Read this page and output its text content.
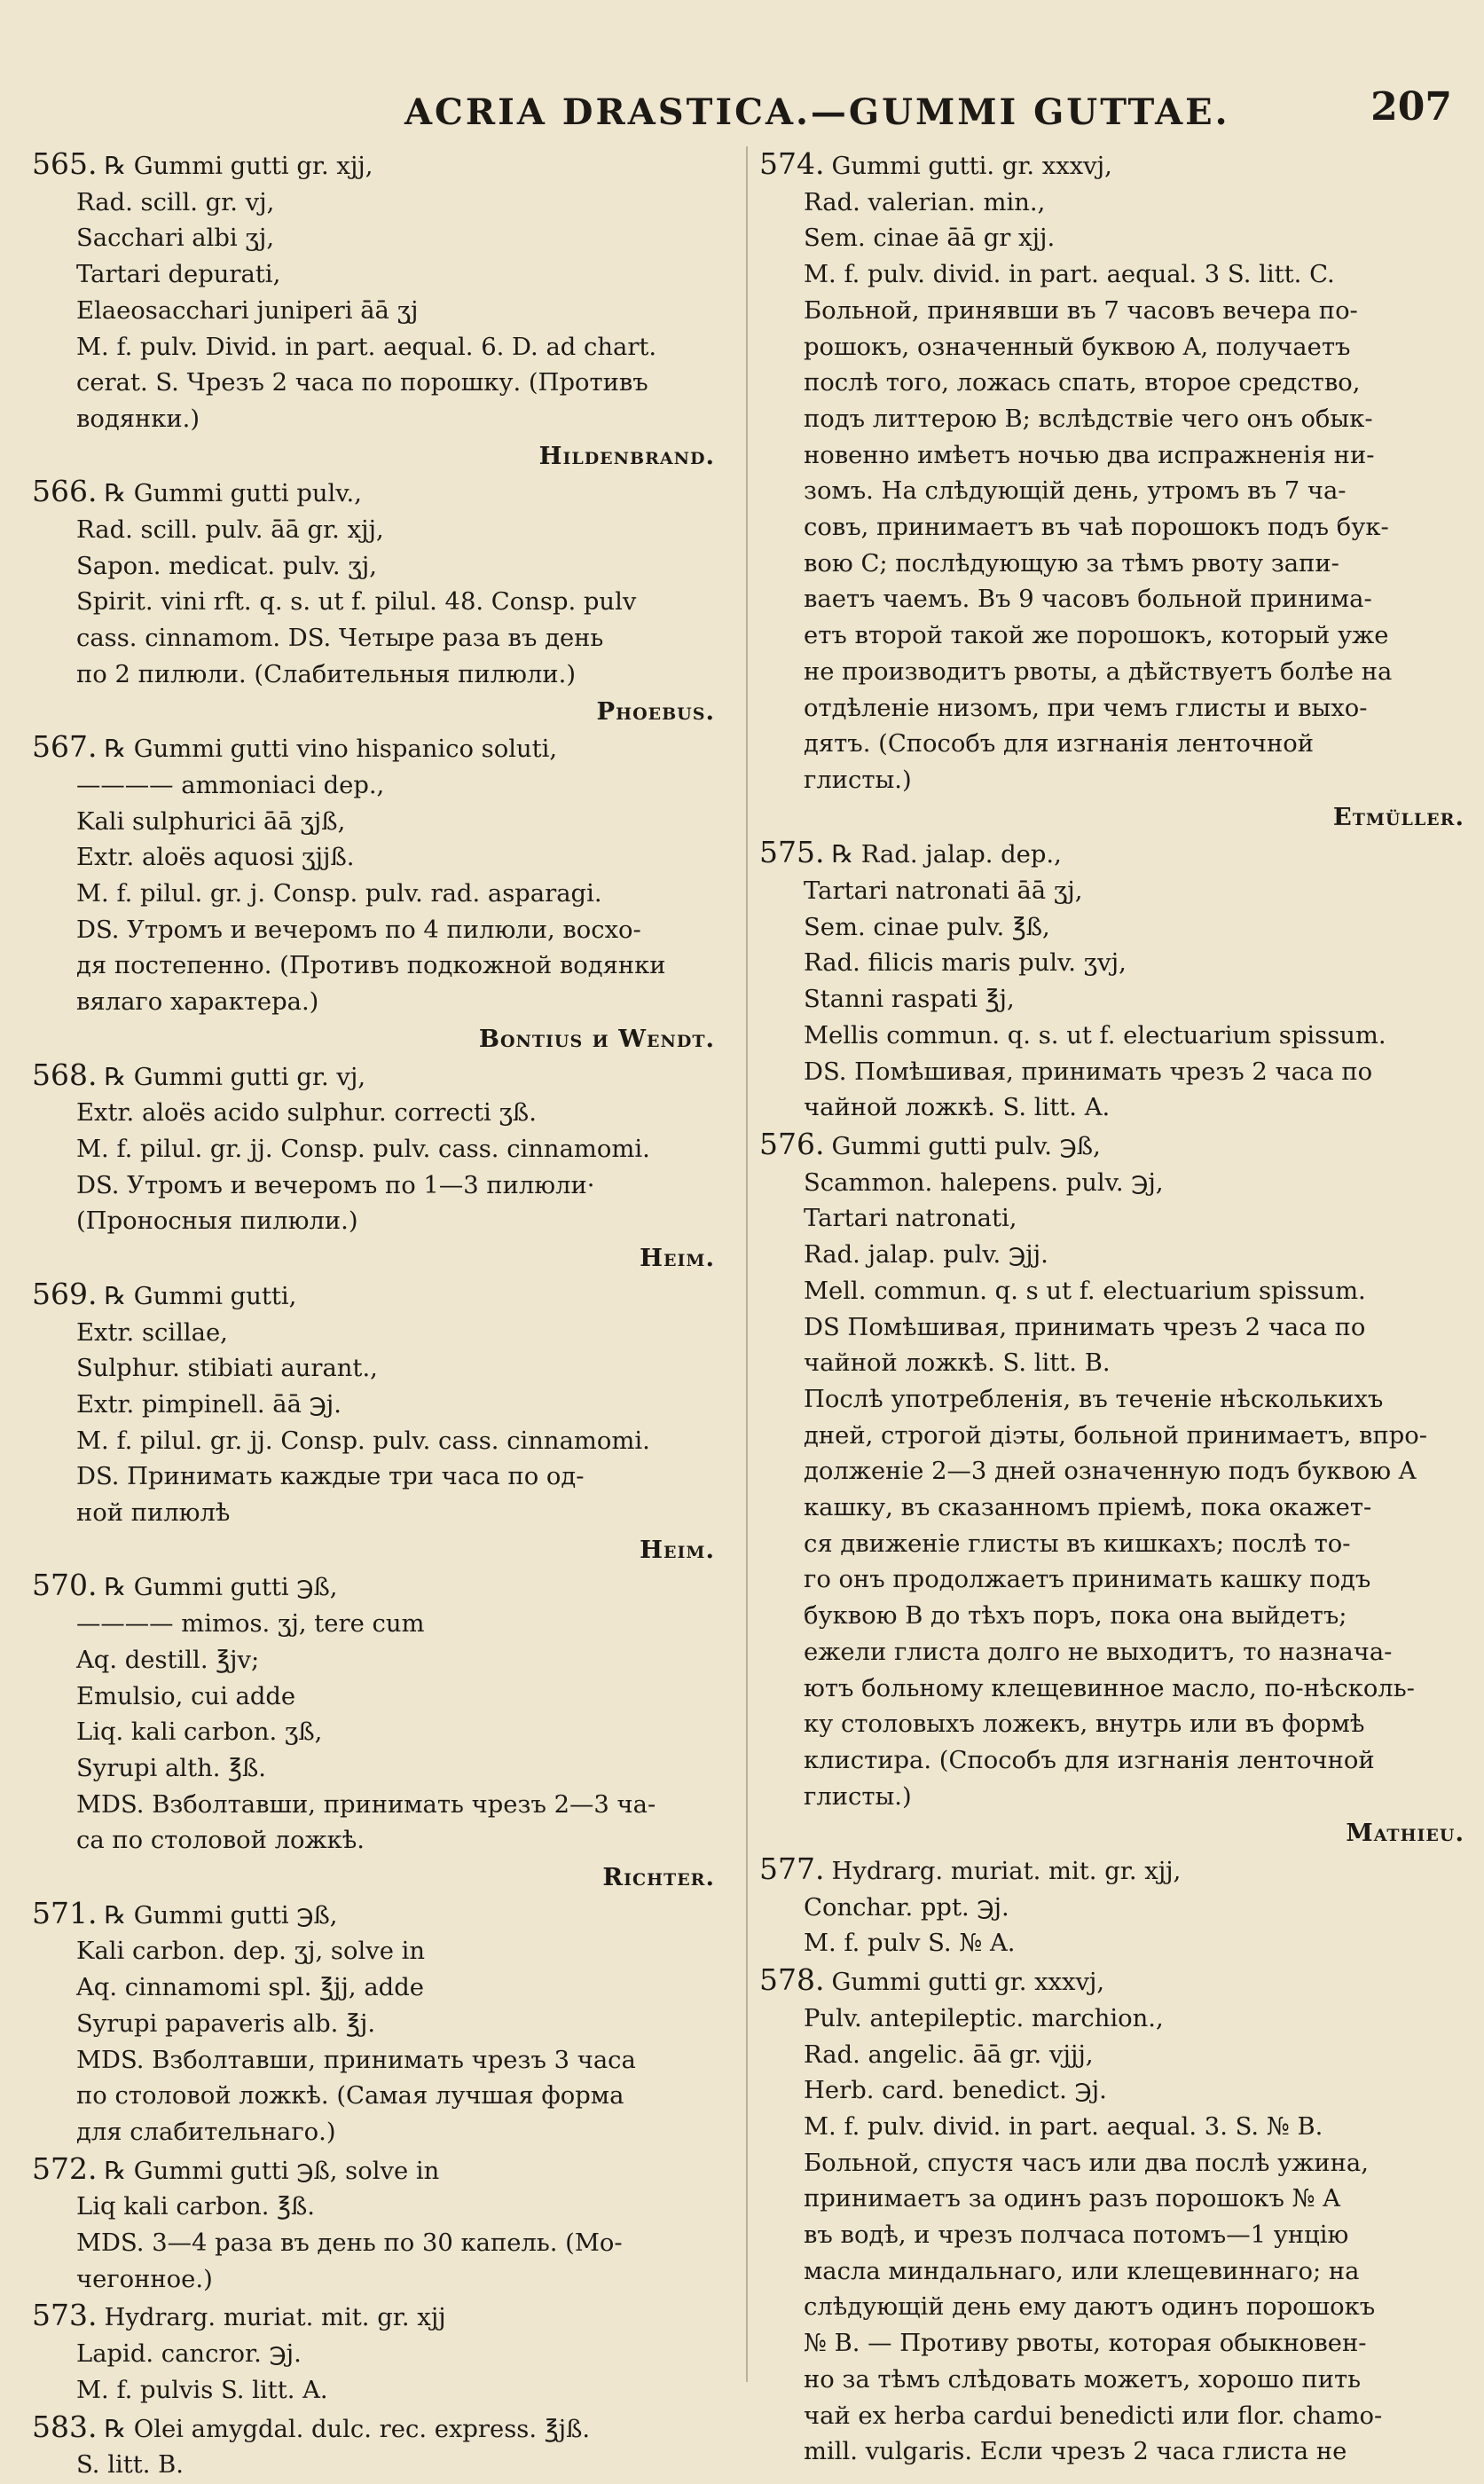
ACRIA DRASTICA.—GUMMI GUTTAE.	207
565. ℞ Gummi gutti gr. xjj,
Rad. scill. gr. vj,
Sacchari albi ʒj,
Tartari depurati,
Elaeosacchari juniperi āā ʒj
M. f. pulv. Divid. in part. aequal. 6. D. ad chart.
cerat. S. Чрезъ 2 часа по порошку. (Противъ
водянки.)
Hildenbrand.
566. ℞ Gummi gutti pulv.,
Rad. scill. pulv. āā gr. xjj,
Sapon. medicat. pulv. ʒj,
Spirit. vini rft. q. s. ut f. pilul. 48. Consp. pulv
cass. cinnamom. DS. Четыре раза въ день
по 2 пилюли. (Слабительныя пилюли.)
Phoebus.
567. ℞ Gummi gutti vino hispanico soluti,
———— ammoniaci dep.,
Kali sulphurici āā ʒjß,
Extr. aloës aquosi ʒjjß.
M. f. pilul. gr. j. Consp. pulv. rad. asparagi.
DS. Утромъ и вечеромъ по 4 пилюли, восхо-
дя постепенно. (Противъ подкожной водянки
вялаго характера.)
Bontius и Wendt.
568. ℞ Gummi gutti gr. vj,
Extr. aloës acido sulphur. correcti ʒß.
M. f. pilul. gr. jj. Consp. pulv. cass. cinnamomi.
DS. Утромъ и вечеромъ по 1—3 пилюли·
(Проносныя пилюли.)
Heim.
569. ℞ Gummi gutti,
Extr. scillae,
Sulphur. stibiati aurant.,
Extr. pimpinell. āā ℈j.
M. f. pilul. gr. jj. Consp. pulv. cass. cinnamomi.
DS. Принимать каждые три часа по од-
ной пилюлѣ
Heim.
570. ℞ Gummi gutti ℈ß,
———— mimos. ʒj, tere cum
Aq. destill. ℥jv;
Emulsio, cui adde
Liq. kali carbon. ʒß,
Syrupi alth. ℥ß.
MDS. Взболтавши, принимать чрезъ 2—3 ча-
са по столовой ложкѣ.
Richter.
571. ℞ Gummi gutti ℈ß,
Kali carbon. dep. ʒj, solve in
Aq. cinnamomi spl. ℥jj, adde
Syrupi papaveris alb. ℥j.
MDS. Взболтавши, принимать чрезъ 3 часа
по столовой ложкѣ. (Самая лучшая форма
для слабительнаго.)
572. ℞ Gummi gutti ℈ß, solve in
Liq kali carbon. ℥ß.
MDS. 3—4 раза въ день по 30 капель. (Мо-
чегонное.)
573. Hydrarg. muriat. mit. gr. xjj
Lapid. cancror. ℈j.
M. f. pulvis S. litt. A.
583. ℞ Olei amygdal. dulc. rec. express. ℥jß.
S. litt. B.
574. Gummi gutti. gr. xxxvj,
Rad. valerian. min.,
Sem. cinae āā gr xjj.
M. f. pulv. divid. in part. aequal. 3 S. litt. C.
Больной, принявши въ 7 часовъ вечера по-
рошокъ, означенный буквою A, получаетъ
послѣ того, ложась спать, второе средство,
подъ литтерою B; вслѣдствіе чего онъ обык-
новенно имѣетъ ночью два испражненія ни-
зомъ. На слѣдующій день, утромъ въ 7 ча-
совъ, принимаетъ въ чаѣ порошокъ подъ бук-
вою C; послѣдующую за тѣмъ рвоту запи-
ваетъ чаемъ. Въ 9 часовъ больной принима-
етъ второй такой же порошокъ, который уже
не производитъ рвоты, а дѣйствуетъ болѣе на
отдѣленіе низомъ, при чемъ глисты и выхо-
дятъ. (Способъ для изгнанія ленточной
глисты.)
Etmüller.
575. ℞ Rad. jalap. dep.,
Tartari natronati āā ʒj,
Sem. cinae pulv. ℥ß,
Rad. filicis maris pulv. ʒvj,
Stanni raspati ℥j,
Mellis commun. q. s. ut f. electuarium spissum.
DS. Помѣшивая, принимать чрезъ 2 часа по
чайной ложкѣ. S. litt. A.
576. Gummi gutti pulv. ℈ß,
Scammon. halepens. pulv. ℈j,
Tartari natronati,
Rad. jalap. pulv. ℈jj.
Mell. commun. q. s ut f. electuarium spissum.
DS Помѣшивая, принимать чрезъ 2 часа по
чайной ложкѣ. S. litt. B.
Послѣ употребленія, въ теченіе нѣсколькихъ
дней, строгой діэты, больной принимаетъ, впро-
долженіе 2—3 дней означенную подъ буквою A
кашку, въ сказанномъ пріемѣ, пока окажет-
ся движеніе глисты въ кишкахъ; послѣ то-
го онъ продолжаетъ принимать кашку подъ
буквою B до тѣхъ поръ, пока она выйдетъ;
ежели глиста долго не выходитъ, то назнача-
ютъ больному клещевинное масло, по-нѣсколь-
ку столовыхъ ложекъ, внутрь или въ формѣ
клистира. (Способъ для изгнанія ленточной
глисты.)
Mathieu.
577. Hydrarg. muriat. mit. gr. xjj,
Conchar. ppt. ℈j.
M. f. pulv S. № A.
578. Gummi gutti gr. xxxvj,
Pulv. antepileptic. marchion.,
Rad. angelic. āā gr. vjjj,
Herb. card. benedict. ℈j.
M. f. pulv. divid. in part. aequal. 3. S. № B.
Больной, спустя часъ или два послѣ ужина,
принимаетъ за одинъ разъ порошокъ № A
въ водѣ, и чрезъ полчаса потомъ—1 унцію
масла миндальнаго, или клещевиннаго; на
слѣдующій день ему даютъ одинъ порошокъ
№ B. — Противу рвоты, которая обыкновен-
но за тѣмъ слѣдовать можетъ, хорошо пить
чай ex herba cardui benedicti или flor. chamo-
mill. vulgaris. Если чрезъ 2 часа глиста не
